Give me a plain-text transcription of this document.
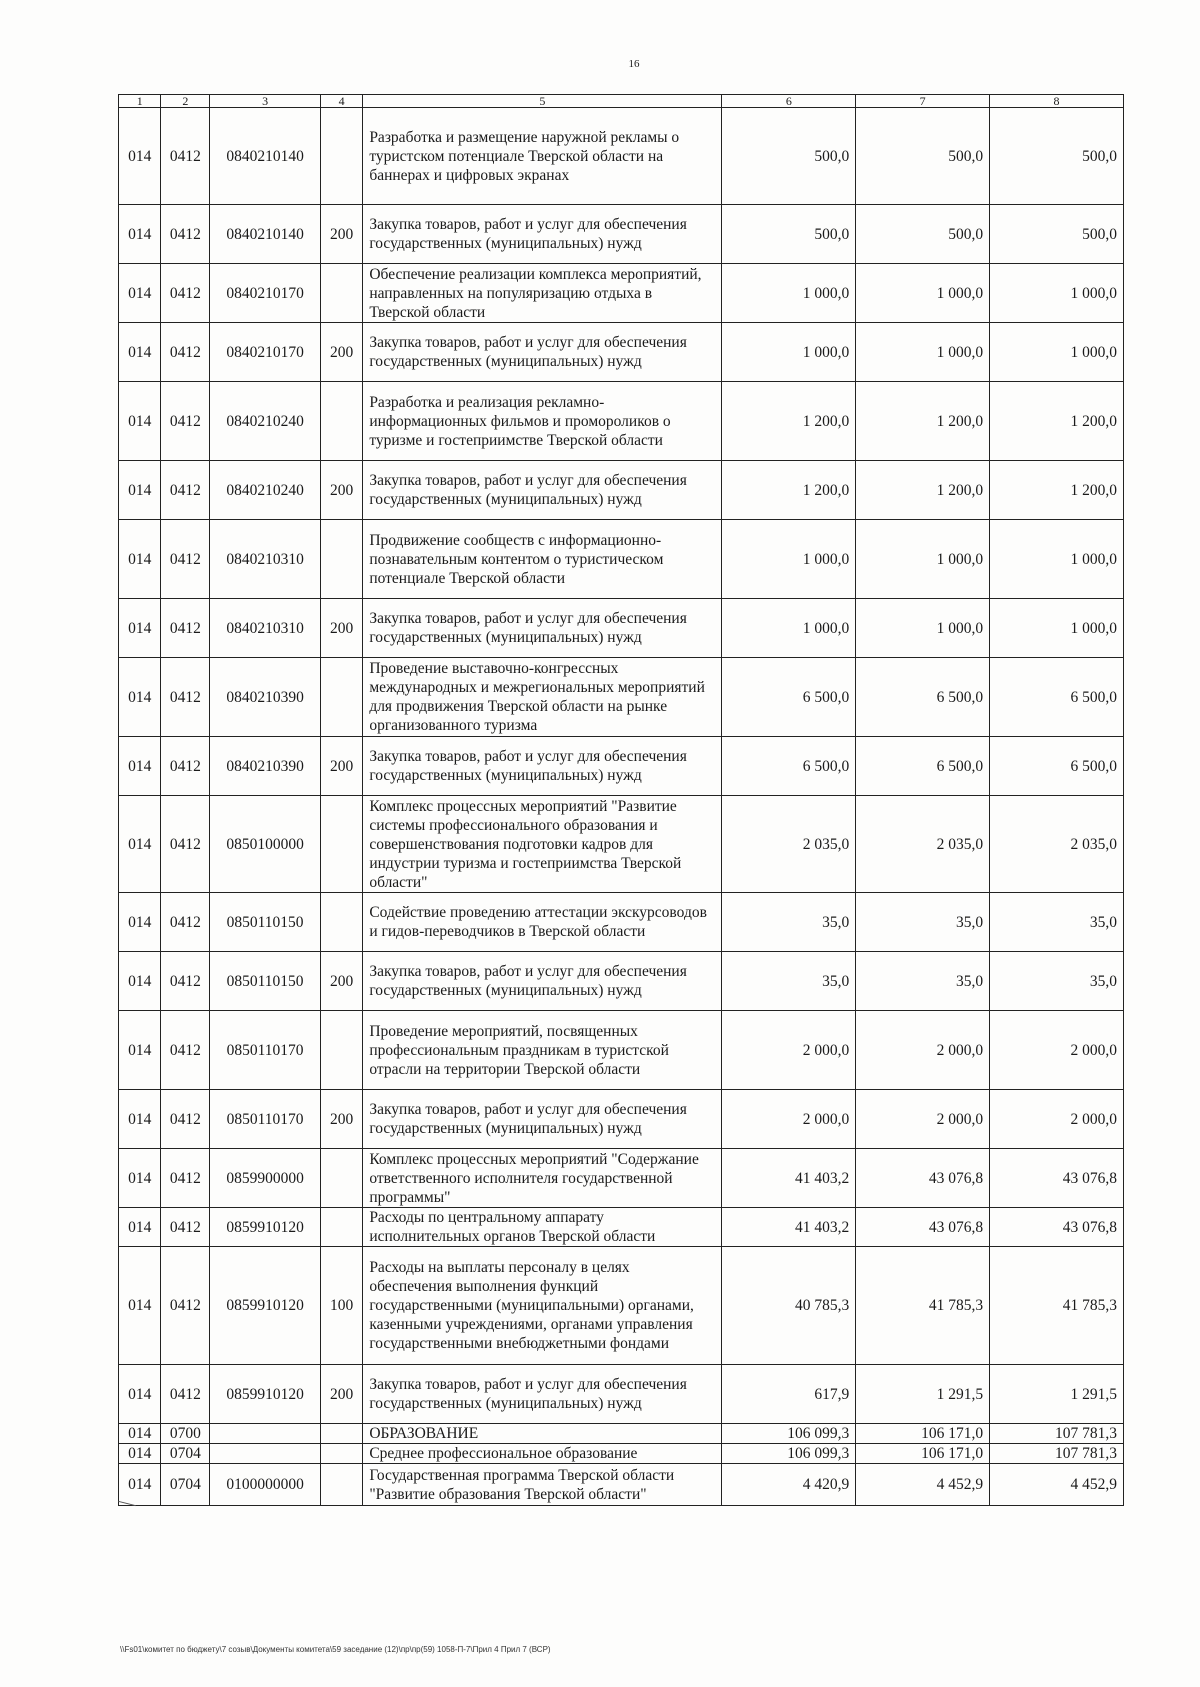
16
1	2	3	4	5	6	7	8
014	0412	0840210140		Разработка и размещение наружной рекламы о туристском потенциале Тверской области на баннерах и цифровых экранах	500,0	500,0	500,0
014	0412	0840210140	200	Закупка товаров, работ и услуг для обеспечения государственных (муниципальных) нужд	500,0	500,0	500,0
014	0412	0840210170		Обеспечение реализации комплекса мероприятий, направленных на популяризацию отдыха в Тверской области	1 000,0	1 000,0	1 000,0
014	0412	0840210170	200	Закупка товаров, работ и услуг для обеспечения государственных (муниципальных) нужд	1 000,0	1 000,0	1 000,0
014	0412	0840210240		Разработка и реализация рекламно-информационных фильмов и промороликов о туризме и гостеприимстве Тверской области	1 200,0	1 200,0	1 200,0
014	0412	0840210240	200	Закупка товаров, работ и услуг для обеспечения государственных (муниципальных) нужд	1 200,0	1 200,0	1 200,0
014	0412	0840210310		Продвижение сообществ с информационно-познавательным контентом о туристическом потенциале Тверской области	1 000,0	1 000,0	1 000,0
014	0412	0840210310	200	Закупка товаров, работ и услуг для обеспечения государственных (муниципальных) нужд	1 000,0	1 000,0	1 000,0
014	0412	0840210390		Проведение выставочно-конгрессных международных и межрегиональных мероприятий для продвижения Тверской области на рынке организованного туризма	6 500,0	6 500,0	6 500,0
014	0412	0840210390	200	Закупка товаров, работ и услуг для обеспечения государственных (муниципальных) нужд	6 500,0	6 500,0	6 500,0
014	0412	0850100000		Комплекс процессных мероприятий "Развитие системы профессионального образования и совершенствования подготовки кадров для индустрии туризма и гостеприимства Тверской области"	2 035,0	2 035,0	2 035,0
014	0412	0850110150		Содействие проведению аттестации экскурсоводов и гидов-переводчиков в Тверской области	35,0	35,0	35,0
014	0412	0850110150	200	Закупка товаров, работ и услуг для обеспечения государственных (муниципальных) нужд	35,0	35,0	35,0
014	0412	0850110170		Проведение мероприятий, посвященных профессиональным праздникам в туристской отрасли на территории Тверской области	2 000,0	2 000,0	2 000,0
014	0412	0850110170	200	Закупка товаров, работ и услуг для обеспечения государственных (муниципальных) нужд	2 000,0	2 000,0	2 000,0
014	0412	0859900000		Комплекс процессных мероприятий "Содержание ответственного исполнителя государственной программы"	41 403,2	43 076,8	43 076,8
014	0412	0859910120		Расходы по центральному аппарату исполнительных органов Тверской области	41 403,2	43 076,8	43 076,8
014	0412	0859910120	100	Расходы на выплаты персоналу в целях обеспечения выполнения функций государственными (муниципальными) органами, казенными учреждениями, органами управления государственными внебюджетными фондами	40 785,3	41 785,3	41 785,3
014	0412	0859910120	200	Закупка товаров, работ и услуг для обеспечения государственных (муниципальных) нужд	617,9	1 291,5	1 291,5
014	0700			ОБРАЗОВАНИЕ	106 099,3	106 171,0	107 781,3
014	0704			Среднее профессиональное образование	106 099,3	106 171,0	107 781,3
014	0704	0100000000		Государственная программа Тверской области "Развитие образования Тверской области"	4 420,9	4 452,9	4 452,9
\\Fs01\комитет по бюджету\7 созыв\Документы комитета\59 заседание (12)\пр\пр(59) 1058-П-7\Прил 4 Прил 7 (ВСР)
